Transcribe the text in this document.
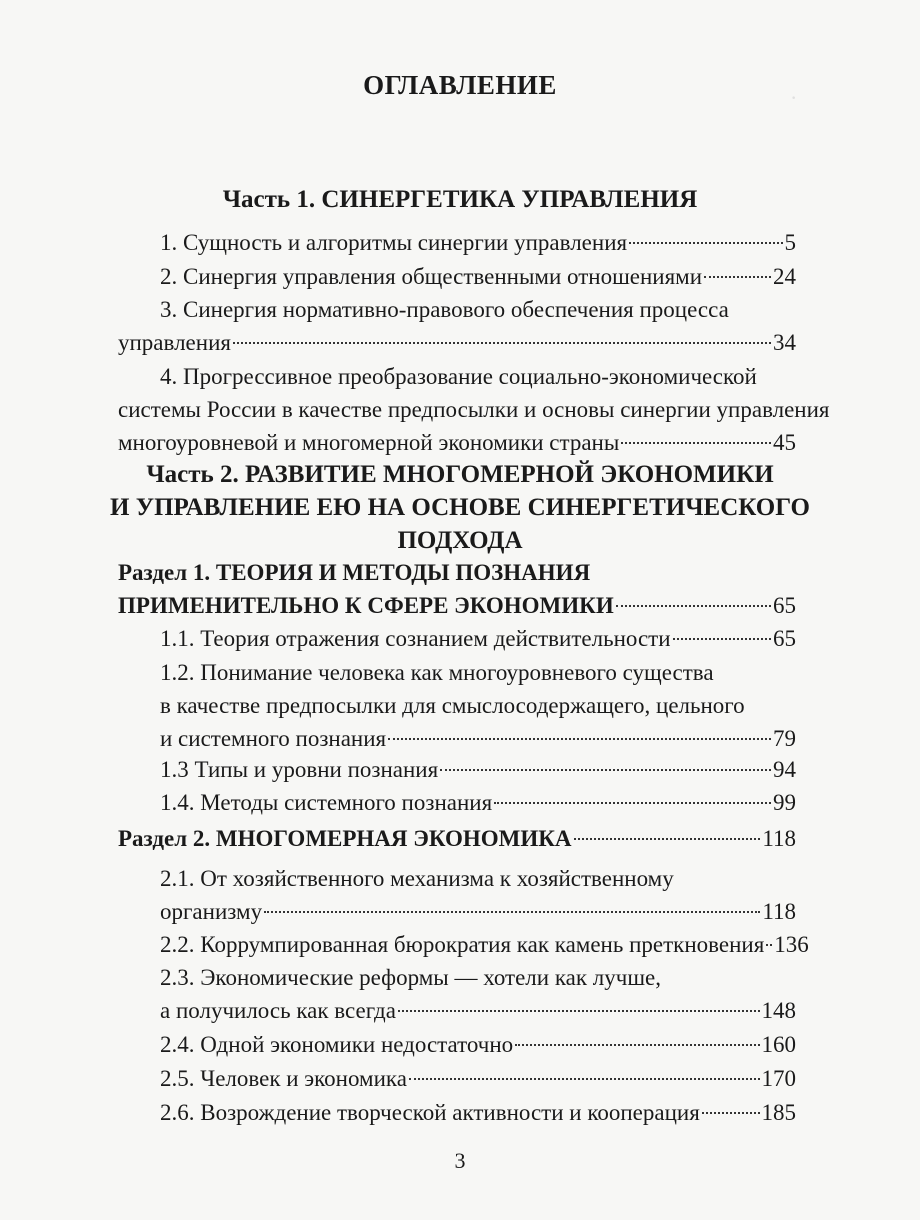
·
ОГЛАВЛЕНИЕ
Часть 1. СИНЕРГЕТИКА УПРАВЛЕНИЯ
1. Сущность и алгоритмы синергии управления	5
2. Синергия управления общественными отношениями	24
3. Синергия нормативно-правового обеспечения процесса
управления	34
4. Прогрессивное преобразование социально-экономической
системы России в качестве предпосылки и основы синергии управления
многоуровневой и многомерной экономики страны	45
Часть 2. РАЗВИТИЕ МНОГОМЕРНОЙ ЭКОНОМИКИ
И УПРАВЛЕНИЕ ЕЮ НА ОСНОВЕ СИНЕРГЕТИЧЕСКОГО
ПОДХОДА
Раздел 1. ТЕОРИЯ И МЕТОДЫ ПОЗНАНИЯ
ПРИМЕНИТЕЛЬНО К СФЕРЕ ЭКОНОМИКИ	65
1.1. Теория отражения сознанием действительности	65
1.2. Понимание человека как многоуровневого существа
в качестве предпосылки для смыслосодержащего, цельного
и системного познания	79
1.3 Типы и уровни познания	94
1.4. Методы системного познания	99
Раздел 2. МНОГОМЕРНАЯ ЭКОНОМИКА	118
2.1. От хозяйственного механизма к хозяйственному
организму	118
2.2. Коррумпированная бюрократия как камень преткновения 136
2.3. Экономические реформы — хотели как лучше,
а получилось как всегда	148
2.4. Одной экономики недостаточно	160
2.5. Человек и экономика	170
2.6. Возрождение творческой активности и кооперация	185
3
